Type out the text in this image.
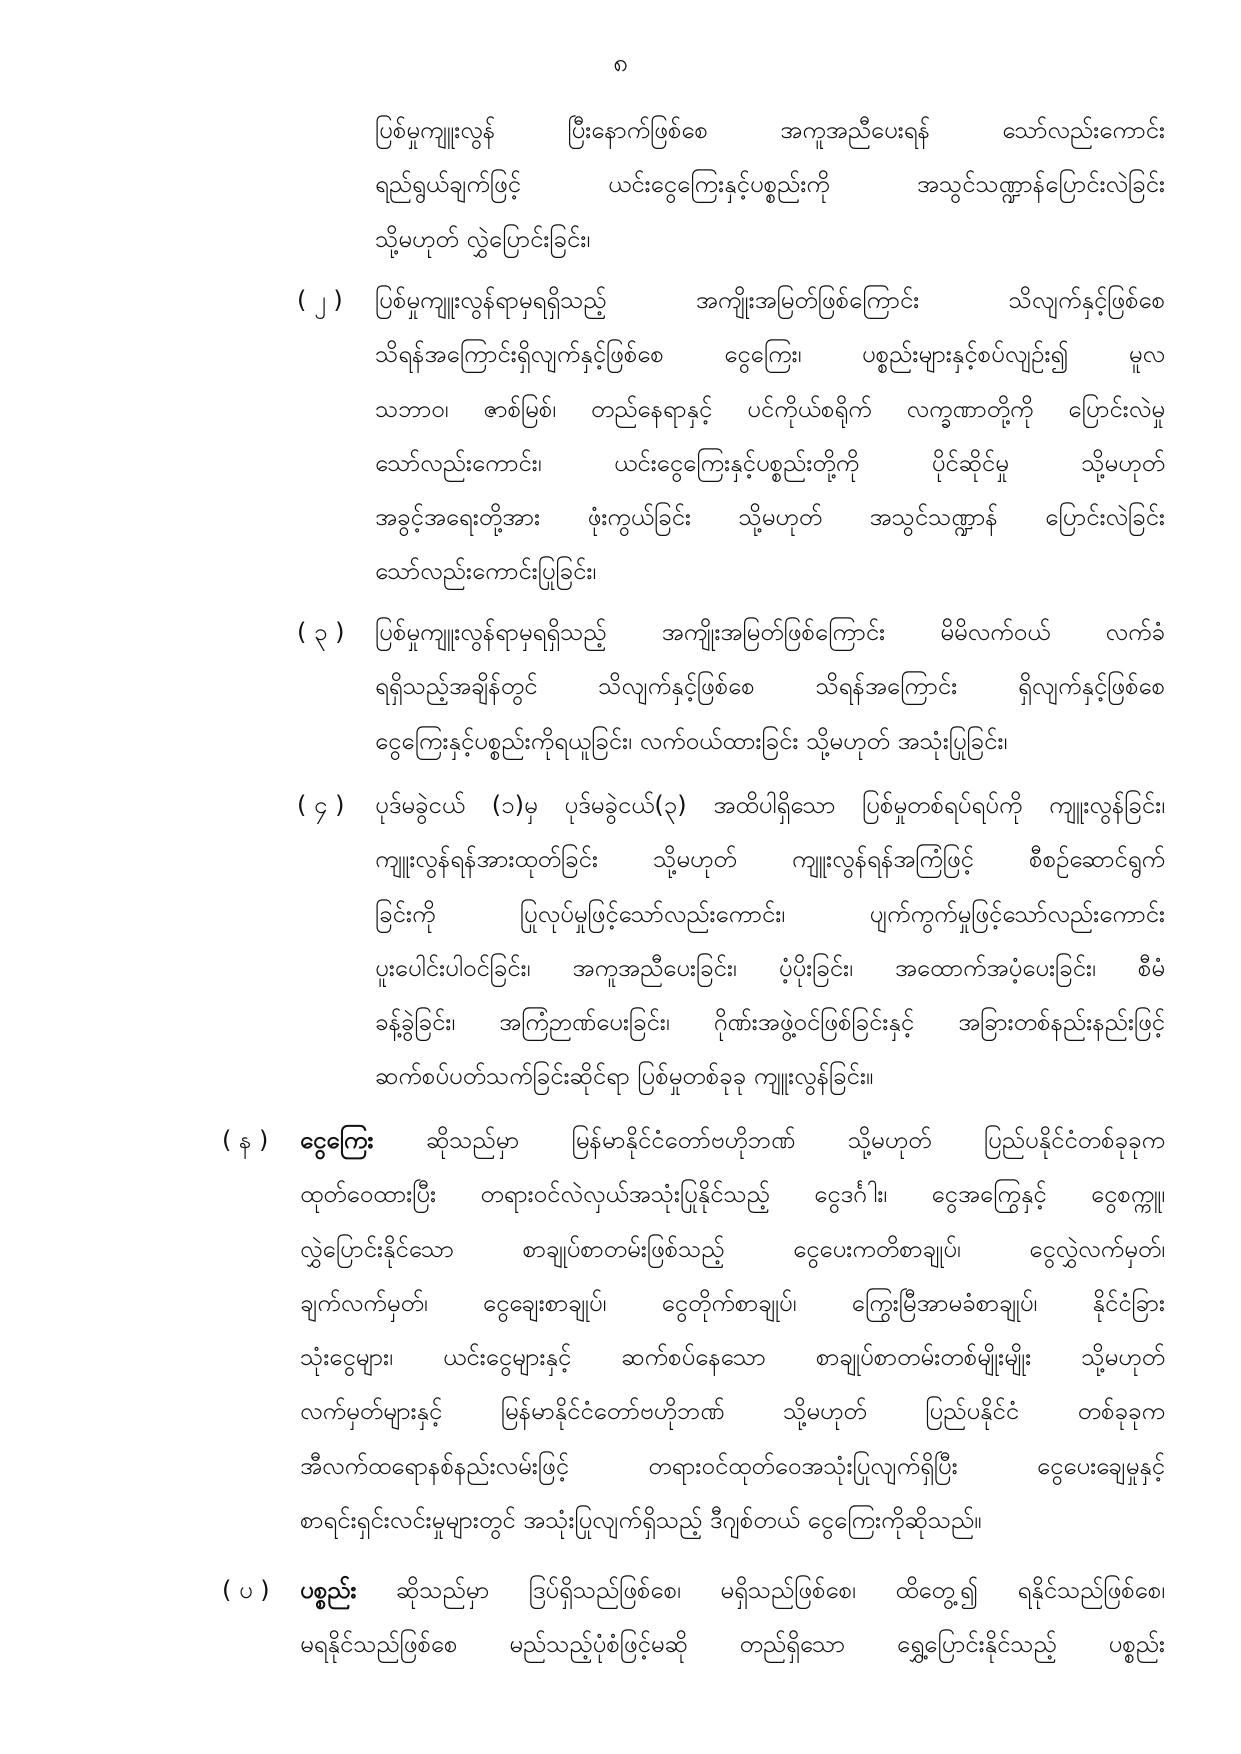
၈
ပြစ်မှုကျူးလွန် ပြီးနောက်ဖြစ်စေ အကူအညီပေးရန် သော်လည်းကောင်း
ရည်ရွယ်ချက်ဖြင့် ယင်းငွေကြေးနှင့်ပစ္စည်းကို အသွင်သဏ္ဍာန်ပြောင်းလဲခြင်း
သို့မဟုတ် လွှဲပြောင်းခြင်း၊
( ၂ ) ပြစ်မှုကျူးလွန်ရာမှရရှိသည့် အကျိုးအမြတ်ဖြစ်ကြောင်း သိလျက်နှင့်ဖြစ်စေ
သိရန်အကြောင်းရှိလျက်နှင့်ဖြစ်စေ ငွေကြေး၊ ပစ္စည်းများနှင့်စပ်လျဉ်း၍ မူလ
သဘာဝ၊ ဇာစ်မြစ်၊ တည်နေရာနှင့် ပင်ကိုယ်စရိုက် လက္ခဏာတို့ကို ပြောင်းလဲမှု
သော်လည်းကောင်း၊ ယင်းငွေကြေးနှင့်ပစ္စည်းတို့ကို ပိုင်ဆိုင်မှု သို့မဟုတ်
အခွင့်အရေးတို့အား ဖုံးကွယ်ခြင်း သို့မဟုတ် အသွင်သဏ္ဍာန် ပြောင်းလဲခြင်း
သော်လည်းကောင်းပြုခြင်း၊
( ၃ ) ပြစ်မှုကျူးလွန်ရာမှရရှိသည့် အကျိုးအမြတ်ဖြစ်ကြောင်း မိမိလက်ဝယ် လက်ခံ
ရရှိသည့်အချိန်တွင် သိလျက်နှင့်ဖြစ်စေ သိရန်အကြောင်း ရှိလျက်နှင့်ဖြစ်စေ
ငွေကြေးနှင့်ပစ္စည်းကိုရယူခြင်း၊ လက်ဝယ်ထားခြင်း သို့မဟုတ် အသုံးပြုခြင်း၊
( ၄ ) ပုဒ်မခွဲငယ် (၁)မှ ပုဒ်မခွဲငယ်(၃) အထိပါရှိသော ပြစ်မှုတစ်ရပ်ရပ်ကို ကျူးလွန်ခြင်း၊
ကျူးလွန်ရန်အားထုတ်ခြင်း သို့မဟုတ် ကျူးလွန်ရန်အကြံဖြင့် စီစဉ်ဆောင်ရွက်
ခြင်းကို ပြုလုပ်မှုဖြင့်သော်လည်းကောင်း၊ ပျက်ကွက်မှုဖြင့်သော်လည်းကောင်း
ပူးပေါင်းပါဝင်ခြင်း၊ အကူအညီပေးခြင်း၊ ပံ့ပိုးခြင်း၊ အထောက်အပံ့ပေးခြင်း၊ စီမံ
ခန့်ခွဲခြင်း၊ အကြံဉာဏ်ပေးခြင်း၊ ဂိုဏ်းအဖွဲ့ဝင်ဖြစ်ခြင်းနှင့် အခြားတစ်နည်းနည်းဖြင့်
ဆက်စပ်ပတ်သက်ခြင်းဆိုင်ရာ ပြစ်မှုတစ်ခုခု ကျူးလွန်ခြင်း။
( န ) ငွေကြေး ဆိုသည်မှာ မြန်မာနိုင်ငံတော်ဗဟိုဘဏ် သို့မဟုတ် ပြည်ပနိုင်ငံတစ်ခုခုက
ထုတ်ဝေထားပြီး တရားဝင်လဲလှယ်အသုံးပြုနိုင်သည့် ငွေဒင်္ဂါး၊ ငွေအကြွေနှင့် ငွေစက္ကူ၊
လွှဲပြောင်းနိုင်သော စာချုပ်စာတမ်းဖြစ်သည့် ငွေပေးကတိစာချုပ်၊ ငွေလွှဲလက်မှတ်၊
ချက်လက်မှတ်၊ ငွေချေးစာချုပ်၊ ငွေတိုက်စာချုပ်၊ ကြွေးမြီအာမခံစာချုပ်၊ နိုင်ငံခြား
သုံးငွေများ၊ ယင်းငွေများနှင့် ဆက်စပ်နေသော စာချုပ်စာတမ်းတစ်မျိုးမျိုး သို့မဟုတ်
လက်မှတ်များနှင့် မြန်မာနိုင်ငံတော်ဗဟိုဘဏ် သို့မဟုတ် ပြည်ပနိုင်ငံ တစ်ခုခုက
အီလက်ထရောနစ်နည်းလမ်းဖြင့် တရားဝင်ထုတ်ဝေအသုံးပြုလျက်ရှိပြီး ငွေပေးချေမှုနှင့်
စာရင်းရှင်းလင်းမှုများတွင် အသုံးပြုလျက်ရှိသည့် ဒီဂျစ်တယ် ငွေကြေးကိုဆိုသည်။
( ပ ) ပစ္စည်း ဆိုသည်မှာ ဒြပ်ရှိသည်ဖြစ်စေ၊ မရှိသည်ဖြစ်စေ၊ ထိတွေ့၍ ရနိုင်သည်ဖြစ်စေ၊
မရနိုင်သည်ဖြစ်စေ မည်သည့်ပုံစံဖြင့်မဆို တည်ရှိသော ရွှေ့ပြောင်းနိုင်သည့် ပစ္စည်း
